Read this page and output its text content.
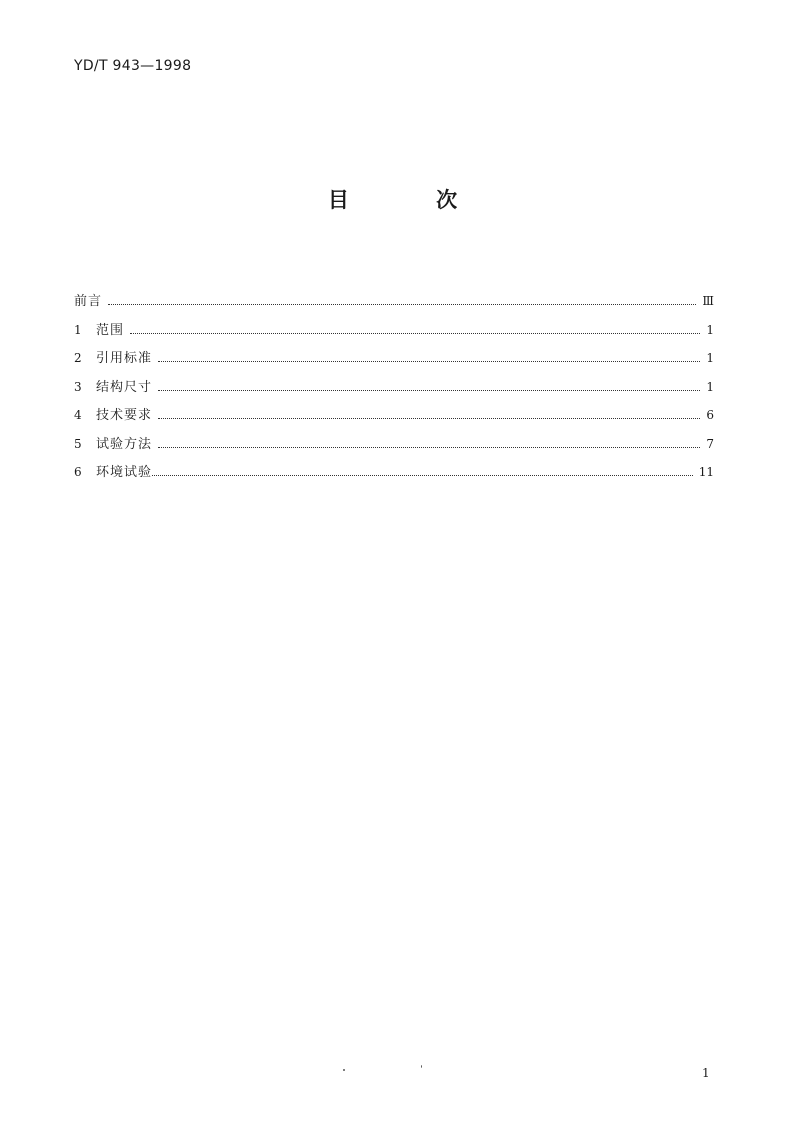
YD/T 943—1998
目 次
前言	Ⅲ
1	范围	1
2	引用标准	1
3	结构尺寸	1
4	技术要求	6
5	试验方法	7
6	环境试验	11
1
